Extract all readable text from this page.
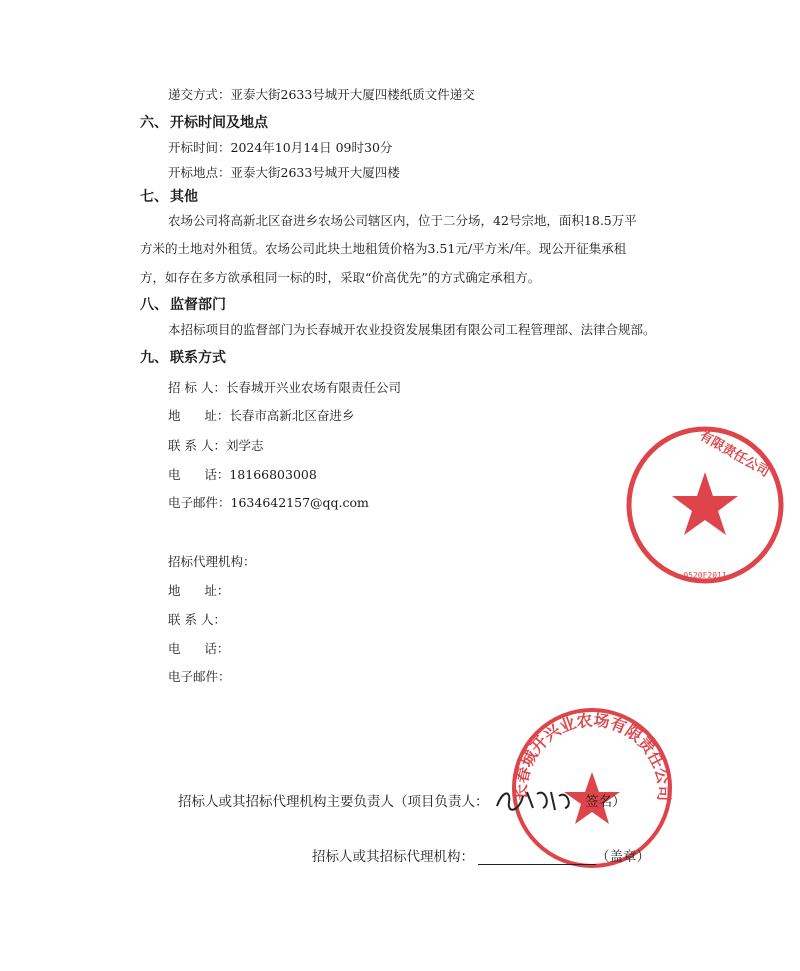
递交方式：亚泰大街2633号城开大厦四楼纸质文件递交
六、 开标时间及地点
开标时间：2024年10月14日 09时30分
开标地点：亚泰大街2633号城开大厦四楼
七、 其他
农场公司将高新北区奋进乡农场公司辖区内，位于二分场，42号宗地，面积18.5万平
方米的土地对外租赁。农场公司此块土地租赁价格为3.51元/平方米/年。现公开征集承租
方，如存在多方欲承租同一标的时，采取“价高优先”的方式确定承租方。
八、 监督部门
本招标项目的监督部门为长春城开农业投资发展集团有限公司工程管理部、法律合规部。
九、 联系方式
招 标 人：长春城开兴业农场有限责任公司
地      址：长春市高新北区奋进乡
联 系 人：刘学志
电      话：18166803008
电子邮件：1634642157@qq.com
招标代理机构：
地      址：
联 系 人：
电      话：
电子邮件：
有限责任公司
0520F2011
长春城开兴业农场有限责任公司
招标人或其招标代理机构主要负责人（项目负责人：	签名）
招标人或其招标代理机构：	（盖章）
